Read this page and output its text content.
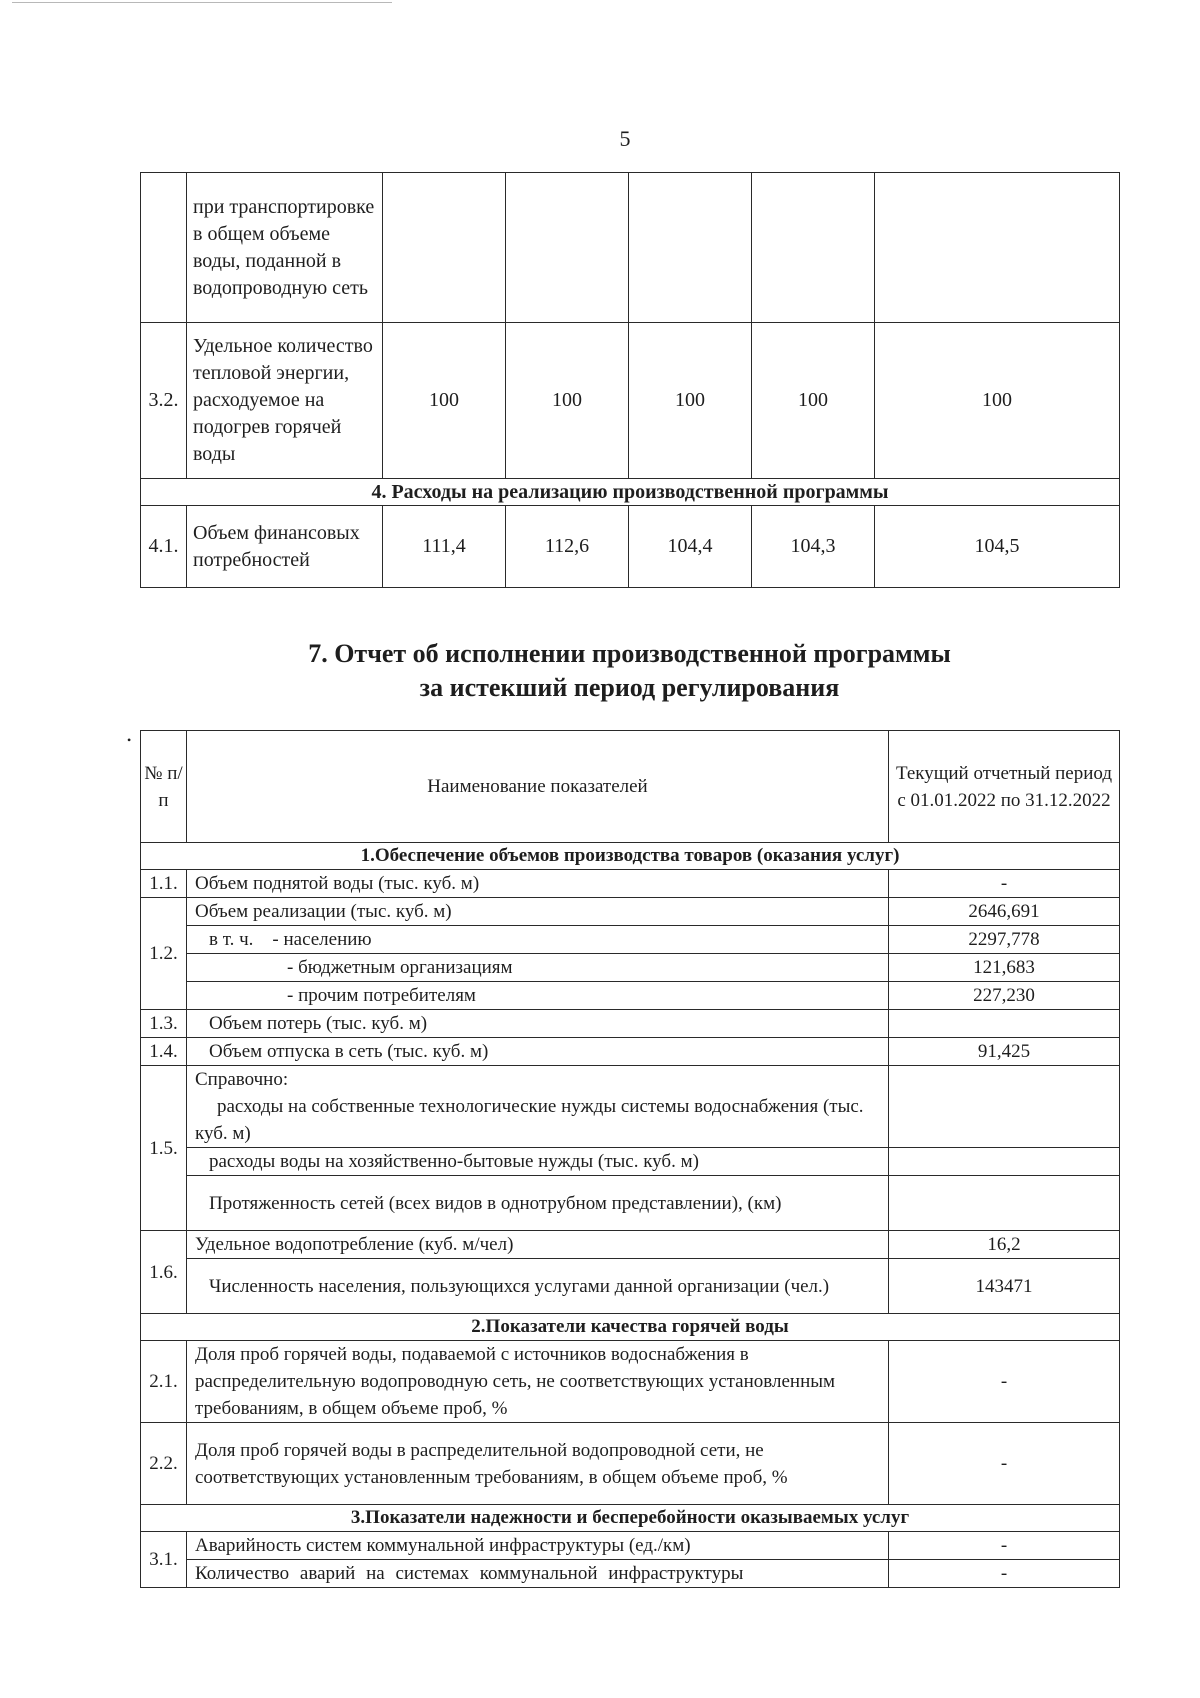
5
	при транспортировке в общем объеме воды, поданной в водопроводную сеть					
3.2.	Удельное количество тепловой энергии, расходуемое на подогрев горячей воды	100	100	100	100	100
4. Расходы на реализацию производственной программы						
4.1.	Объем финансовых потребностей	111,4	112,6	104,4	104,3	104,5
7. Отчет об исполнении производственной программы
за истекший период регулирования
•
№ п/п	Наименование показателей	Текущий отчетный период с 01.01.2022 по 31.12.2022
1.Обеспечение объемов производства товаров (оказания услуг)		
1.1.	Объем поднятой воды (тыс. куб. м)	-
1.2.	Объем реализации (тыс. куб. м)	2646,691
	в т. ч.    - населению	2297,778
	- бюджетным организациям	121,683
	- прочим потребителям	227,230
1.3.	Объем потерь (тыс. куб. м)	
1.4.	Объем отпуска в сеть (тыс. куб. м)	91,425
1.5.	Справочно:
расходы на собственные технологические нужды системы водоснабжения (тыс. куб. м)	

	расходы воды на хозяйственно-бытовые нужды (тыс. куб. м)	
	Протяженность сетей (всех видов в однотрубном представлении), (км)	
1.6.	Удельное водопотребление (куб. м/чел)	16,2
	Численность населения, пользующихся услугами данной организации (чел.)	143471
2.Показатели качества горячей воды		
2.1.	Доля проб горячей воды, подаваемой с источников водоснабжения в распределительную водопроводную сеть, не соответствующих установленным требованиям, в общем объеме проб, %	-
2.2.	Доля проб горячей воды в распределительной водопроводной сети, не соответствующих установленным требованиям, в общем объеме проб, %	-
3.Показатели надежности и бесперебойности оказываемых услуг		
3.1.	Аварийность систем коммунальной инфраструктуры (ед./км)	-
	Количество аварий на системах коммунальной инфраструктуры	-
